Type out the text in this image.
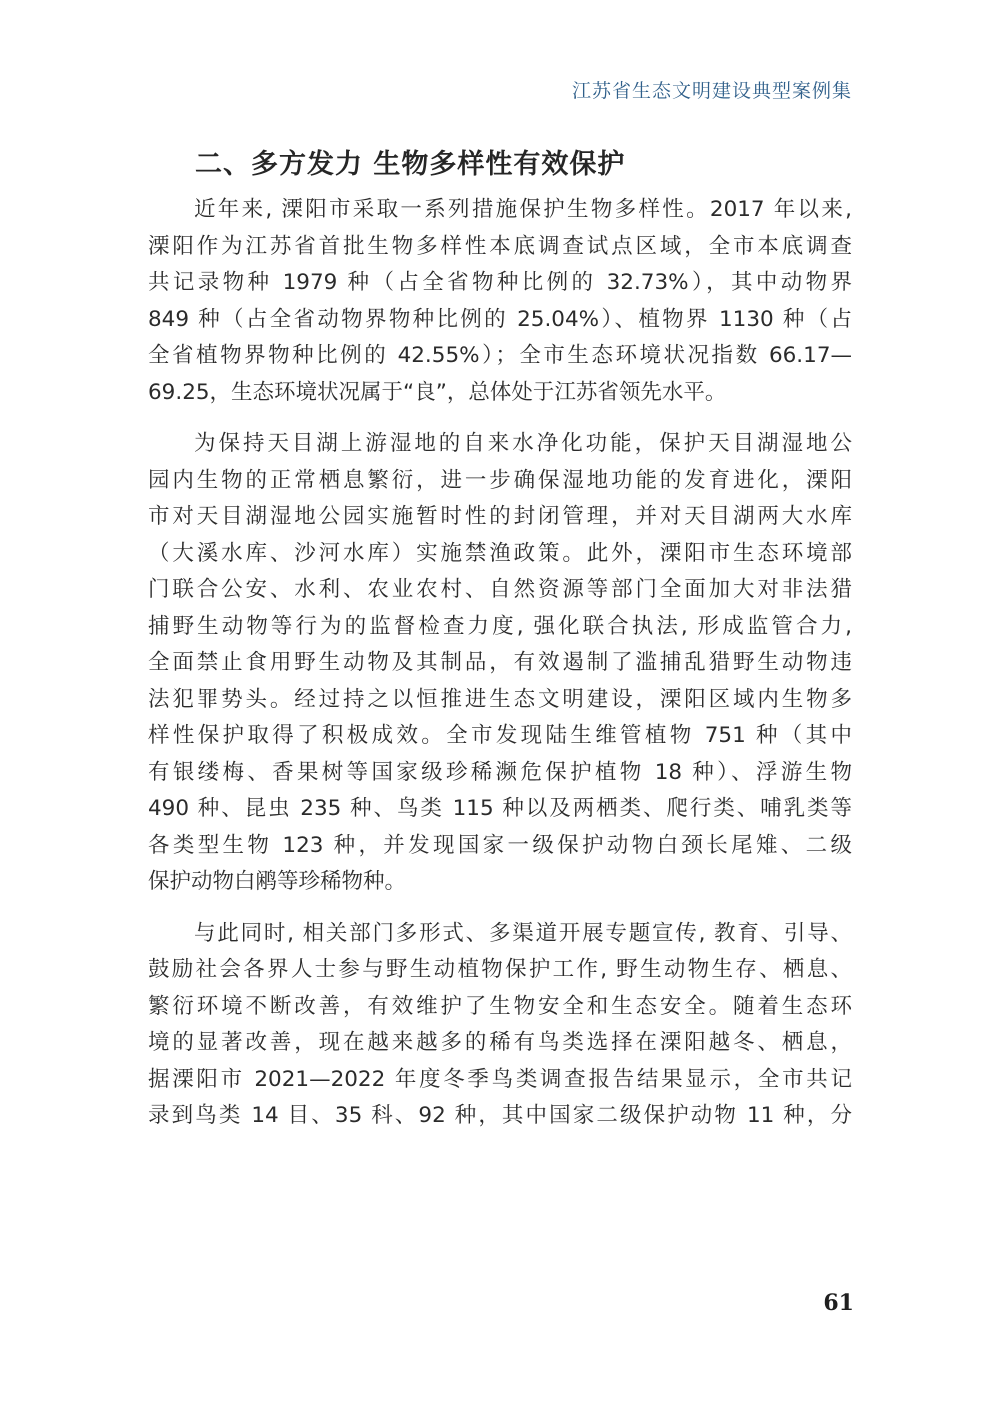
江苏省生态文明建设典型案例集
二、多方发力 生物多样性有效保护
近年来, 溧阳市采取一系列措施保护生物多样性。2017 年以来,
溧阳作为江苏省首批生物多样性本底调查试点区域，全市本底调查
共记录物种 1979 种（占全省物种比例的 32.73%），其中动物界
849 种（占全省动物界物种比例的 25.04%）、植物界 1130 种（占
全省植物界物种比例的 42.55%）；全市生态环境状况指数 66.17—
69.25，生态环境状况属于“良”，总体处于江苏省领先水平。
为保持天目湖上游湿地的自来水净化功能，保护天目湖湿地公
园内生物的正常栖息繁衍，进一步确保湿地功能的发育进化，溧阳
市对天目湖湿地公园实施暂时性的封闭管理，并对天目湖两大水库
（大溪水库、沙河水库）实施禁渔政策。此外，溧阳市生态环境部
门联合公安、水利、农业农村、自然资源等部门全面加大对非法猎
捕野生动物等行为的监督检查力度, 强化联合执法, 形成监管合力,
全面禁止食用野生动物及其制品，有效遏制了滥捕乱猎野生动物违
法犯罪势头。经过持之以恒推进生态文明建设，溧阳区域内生物多
样性保护取得了积极成效。全市发现陆生维管植物 751 种（其中
有银缕梅、香果树等国家级珍稀濒危保护植物 18 种）、浮游生物
490 种、昆虫 235 种、鸟类 115 种以及两栖类、爬行类、哺乳类等
各类型生物 123 种，并发现国家一级保护动物白颈长尾雉、二级
保护动物白鹇等珍稀物种。
与此同时, 相关部门多形式、多渠道开展专题宣传, 教育、引导、
鼓励社会各界人士参与野生动植物保护工作, 野生动物生存、栖息、
繁衍环境不断改善，有效维护了生物安全和生态安全。随着生态环
境的显著改善，现在越来越多的稀有鸟类选择在溧阳越冬、栖息，
据溧阳市 2021—2022 年度冬季鸟类调查报告结果显示，全市共记
录到鸟类 14 目、35 科、92 种，其中国家二级保护动物 11 种，分
61
